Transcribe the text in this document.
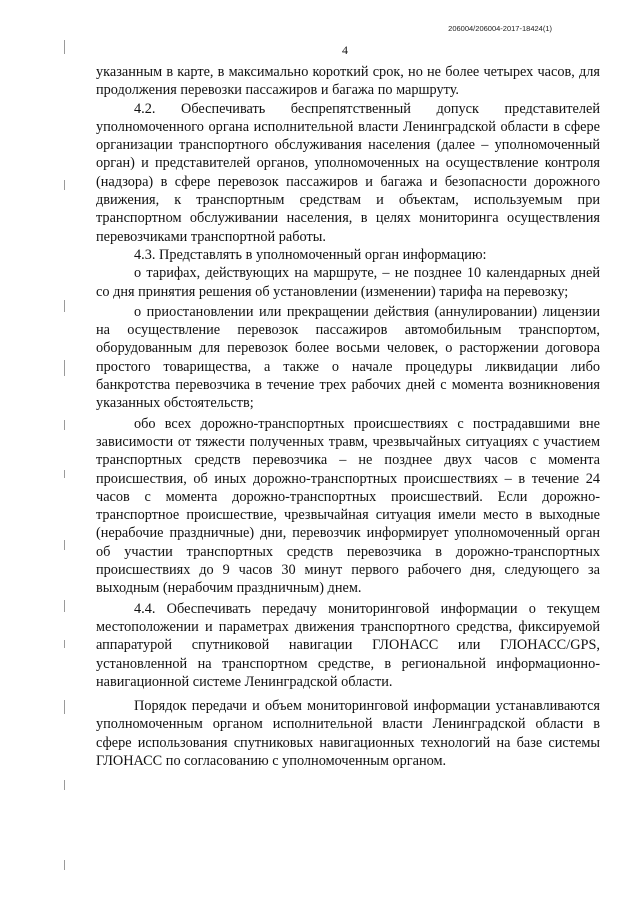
206004/206004-2017-18424(1)
4

указанным в карте, в максимально короткий срок, но не более четырех часов, для продолжения перевозки пассажиров и багажа по маршруту.

4.2. Обеспечивать беспрепятственный допуск представителей уполномоченного органа исполнительной власти Ленинградской области в сфере организации транспортного обслуживания населения (далее – уполномоченный орган) и представителей органов, уполномоченных на осуществление контроля (надзора) в сфере перевозок пассажиров и багажа и безопасности дорожного движения, к транспортным средствам и объектам, используемым при транспортном обслуживании населения, в целях мониторинга осуществления перевозчиками транспортной работы.

4.3. Представлять в уполномоченный орган информацию:

о тарифах, действующих на маршруте, – не позднее 10 календарных дней со дня принятия решения об установлении (изменении) тарифа на перевозку;

о приостановлении или прекращении действия (аннулировании) лицензии на осуществление перевозок пассажиров автомобильным транспортом, оборудованным для перевозок более восьми человек, о расторжении договора простого товарищества, а также о начале процедуры ликвидации либо банкротства перевозчика в течение трех рабочих дней с момента возникновения указанных обстоятельств;

обо всех дорожно-транспортных происшествиях с пострадавшими вне зависимости от тяжести полученных травм, чрезвычайных ситуациях с участием транспортных средств перевозчика – не позднее двух часов с момента происшествия, об иных дорожно-транспортных происшествиях – в течение 24 часов с момента дорожно-транспортных происшествий. Если дорожно-транспортное происшествие, чрезвычайная ситуация имели место в выходные (нерабочие праздничные) дни, перевозчик информирует уполномоченный орган об участии транспортных средств перевозчика в дорожно-транспортных происшествиях до 9 часов 30 минут первого рабочего дня, следующего за выходным (нерабочим праздничным) днем.

4.4. Обеспечивать передачу мониторинговой информации о текущем местоположении и параметрах движения транспортного средства, фиксируемой аппаратурой спутниковой навигации ГЛОНАСС или ГЛОНАСС/GPS, установленной на транспортном средстве, в региональной информационно-навигационной системе Ленинградской области.

Порядок передачи и объем мониторинговой информации устанавливаются уполномоченным органом исполнительной власти Ленинградской области в сфере использования спутниковых навигационных технологий на базе системы ГЛОНАСС по согласованию с уполномоченным органом.
